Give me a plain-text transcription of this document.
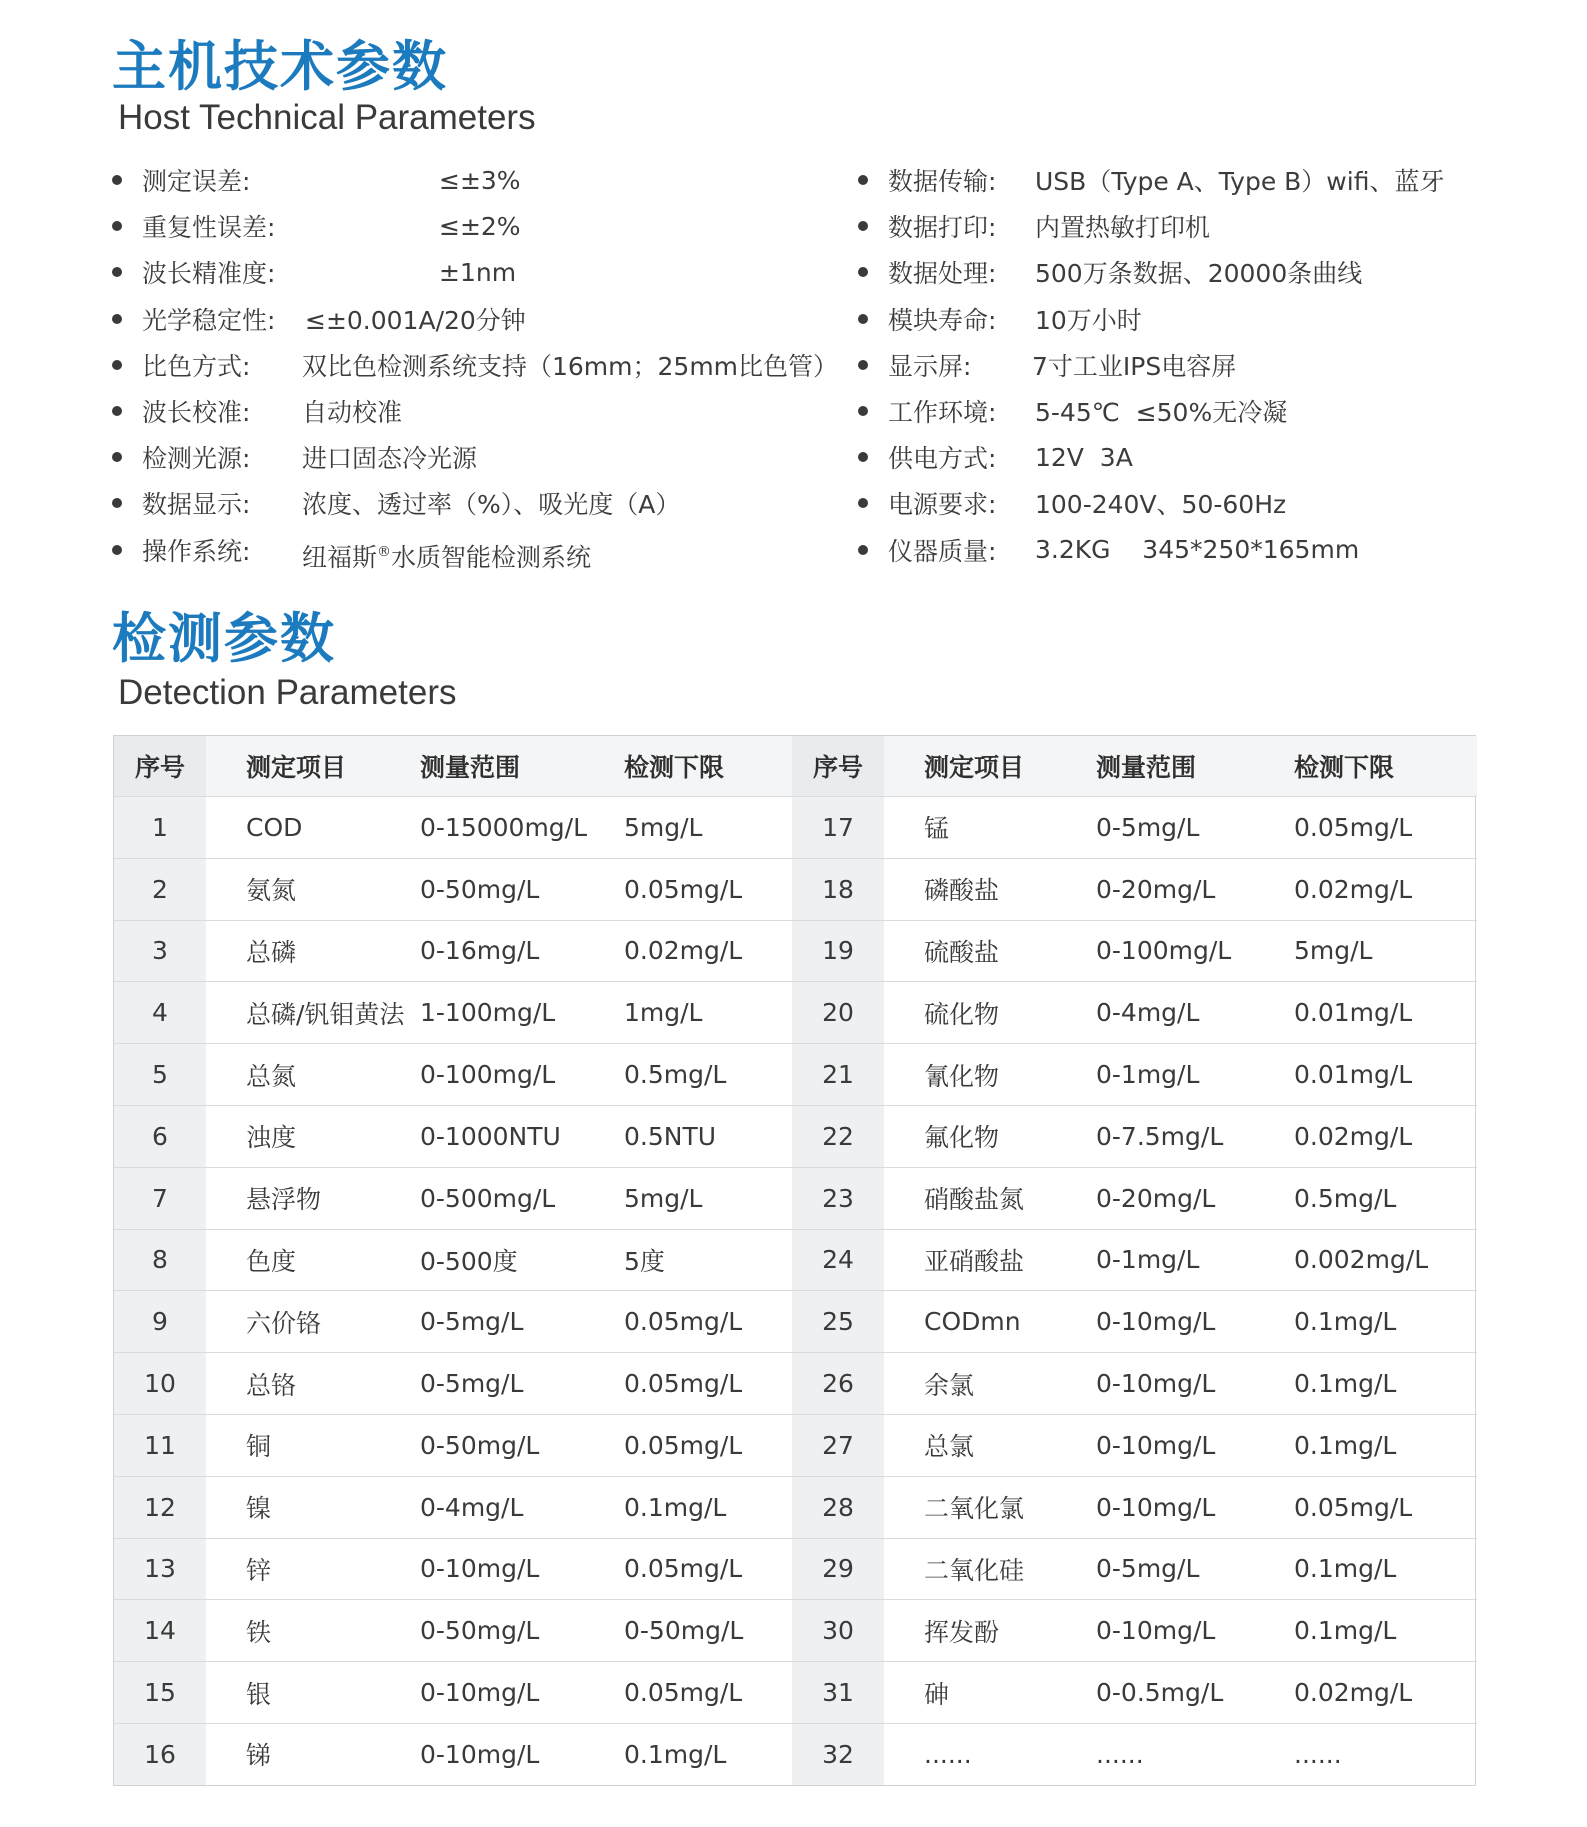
主机技术参数
Host Technical Parameters
测定误差:	≤±3%
重复性误差:	≤±2%
波长精准度:	±1nm
光学稳定性: ≤±0.001A/20分钟
比色方式: 双比色检测系统支持（16mm；25mm比色管）
波长校准: 自动校准
检测光源: 进口固态冷光源
数据显示: 浓度、透过率（%）、吸光度（A）
操作系统: 纽福斯® 水质智能检测系统
数据传输: USB（Type A、Type B）wifi、蓝牙
数据打印: 内置热敏打印机
数据处理: 500万条数据、20000条曲线
模块寿命: 10万小时
显示屏: 7寸工业IPS电容屏
工作环境: 5-45℃  ≤50%无冷凝
供电方式: 12V  3A
电源要求: 100-240V、50-60Hz
仪器质量: 3.2KG    345*250*165mm
检测参数
Detection Parameters
序号	测定项目	测量范围	检测下限	序号	测定项目	测量范围	检测下限
1	COD	0-15000mg/L	5mg/L	17	锰	0-5mg/L	0.05mg/L
2	氨氮	0-50mg/L	0.05mg/L	18	磷酸盐	0-20mg/L	0.02mg/L
3	总磷	0-16mg/L	0.02mg/L	19	硫酸盐	0-100mg/L	5mg/L
4	总磷/钒钼黄法	1-100mg/L	1mg/L	20	硫化物	0-4mg/L	0.01mg/L
5	总氮	0-100mg/L	0.5mg/L	21	氰化物	0-1mg/L	0.01mg/L
6	浊度	0-1000NTU	0.5NTU	22	氟化物	0-7.5mg/L	0.02mg/L
7	悬浮物	0-500mg/L	5mg/L	23	硝酸盐氮	0-20mg/L	0.5mg/L
8	色度	0-500度	5度	24	亚硝酸盐	0-1mg/L	0.002mg/L
9	六价铬	0-5mg/L	0.05mg/L	25	CODmn	0-10mg/L	0.1mg/L
10	总铬	0-5mg/L	0.05mg/L	26	余氯	0-10mg/L	0.1mg/L
11	铜	0-50mg/L	0.05mg/L	27	总氯	0-10mg/L	0.1mg/L
12	镍	0-4mg/L	0.1mg/L	28	二氧化氯	0-10mg/L	0.05mg/L
13	锌	0-10mg/L	0.05mg/L	29	二氧化硅	0-5mg/L	0.1mg/L
14	铁	0-50mg/L	0-50mg/L	30	挥发酚	0-10mg/L	0.1mg/L
15	银	0-10mg/L	0.05mg/L	31	砷	0-0.5mg/L	0.02mg/L
16	锑	0-10mg/L	0.1mg/L	32	......	......	......
